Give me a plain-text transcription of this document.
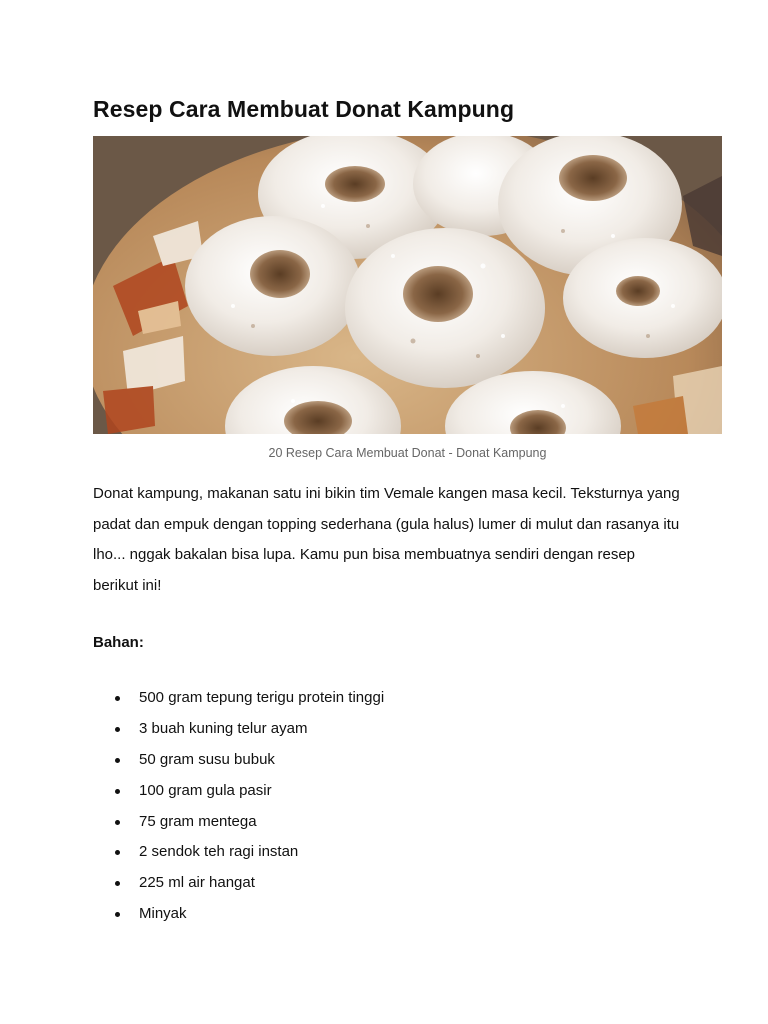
Resep Cara Membuat Donat Kampung
20 Resep Cara Membuat Donat - Donat Kampung

Donat kampung, makanan satu ini bikin tim Vemale kangen masa kecil. Teksturnya yang padat dan empuk dengan topping sederhana (gula halus) lumer di mulut dan rasanya itu lho... nggak bakalan bisa lupa. Kamu pun bisa membuatnya sendiri dengan resep berikut ini!

Bahan:
500 gram tepung terigu protein tinggi
3 buah kuning telur ayam
50 gram susu bubuk
100 gram gula pasir
75 gram mentega
2 sendok teh ragi instan
225 ml air hangat
Minyak
